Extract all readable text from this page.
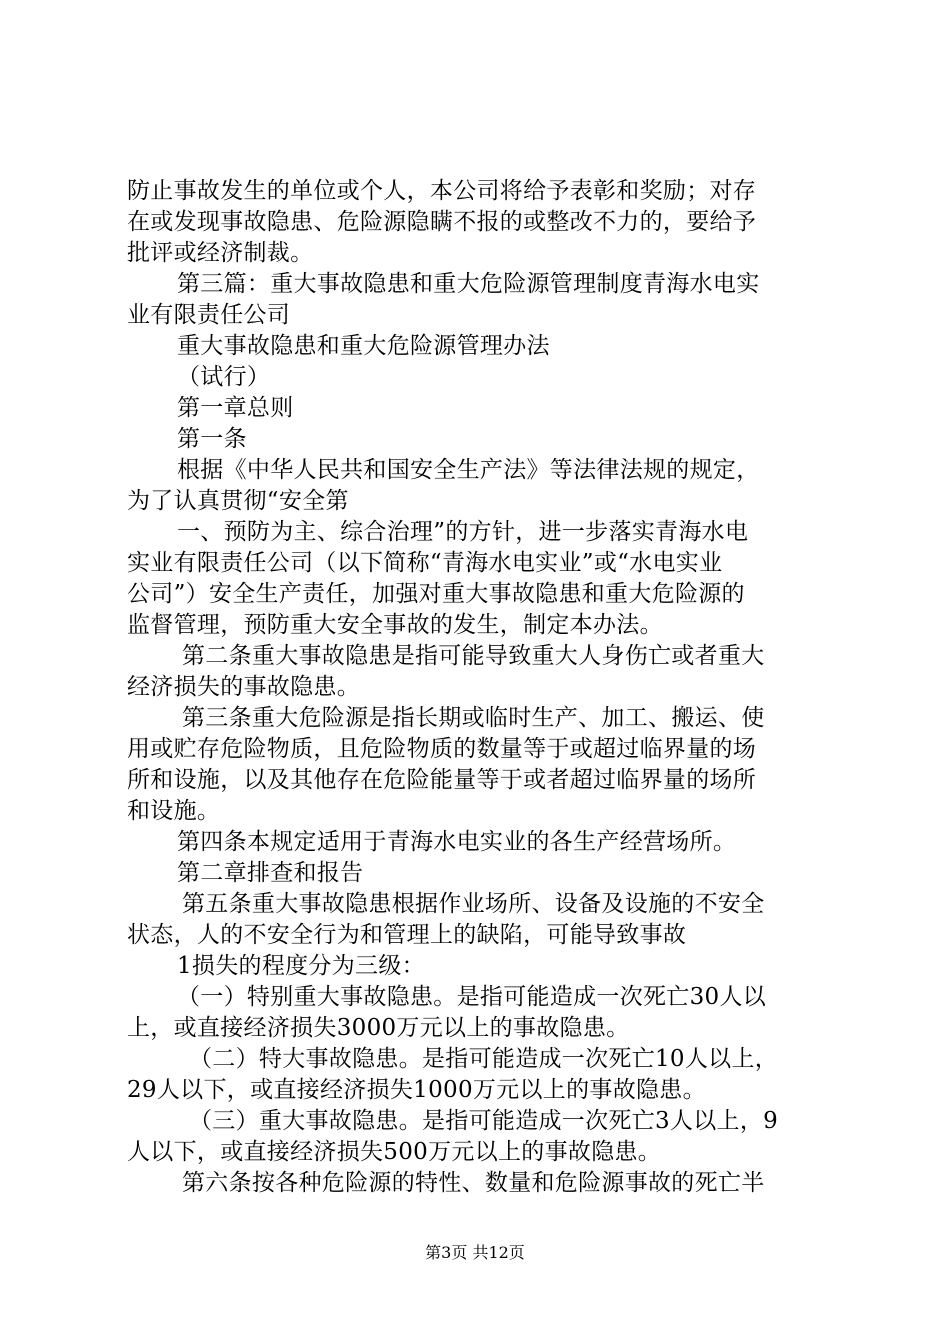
防止事故发生的单位或个人，本公司将给予表彰和奖励；对存
在或发现事故隐患、危险源隐瞒不报的或整改不力的，要给予
批评或经济制裁。
第三篇：重大事故隐患和重大危险源管理制度青海水电实
业有限责任公司
重大事故隐患和重大危险源管理办法
（试行）
第一章总则
第一条
根据《中华人民共和国安全生产法》等法律法规的规定，
为了认真贯彻“安全第
一、预防为主、综合治理”的方针，进一步落实青海水电
实业有限责任公司（以下简称“青海水电实业”或“水电实业
公司”）安全生产责任，加强对重大事故隐患和重大危险源的
监督管理，预防重大安全事故的发生，制定本办法。
第二条重大事故隐患是指可能导致重大人身伤亡或者重大
经济损失的事故隐患。
第三条重大危险源是指长期或临时生产、加工、搬运、使
用或贮存危险物质，且危险物质的数量等于或超过临界量的场
所和设施，以及其他存在危险能量等于或者超过临界量的场所
和设施。
第四条本规定适用于青海水电实业的各生产经营场所。
第二章排查和报告
第五条重大事故隐患根据作业场所、设备及设施的不安全
状态，人的不安全行为和管理上的缺陷，可能导致事故
1损失的程度分为三级：
（一）特别重大事故隐患。是指可能造成一次死亡30人以
上，或直接经济损失3000万元以上的事故隐患。
（二）特大事故隐患。是指可能造成一次死亡10人以上，
29人以下，或直接经济损失1000万元以上的事故隐患。
（三）重大事故隐患。是指可能造成一次死亡3人以上，9
人以下，或直接经济损失500万元以上的事故隐患。
第六条按各种危险源的特性、数量和危险源事故的死亡半
第3页 共12页
